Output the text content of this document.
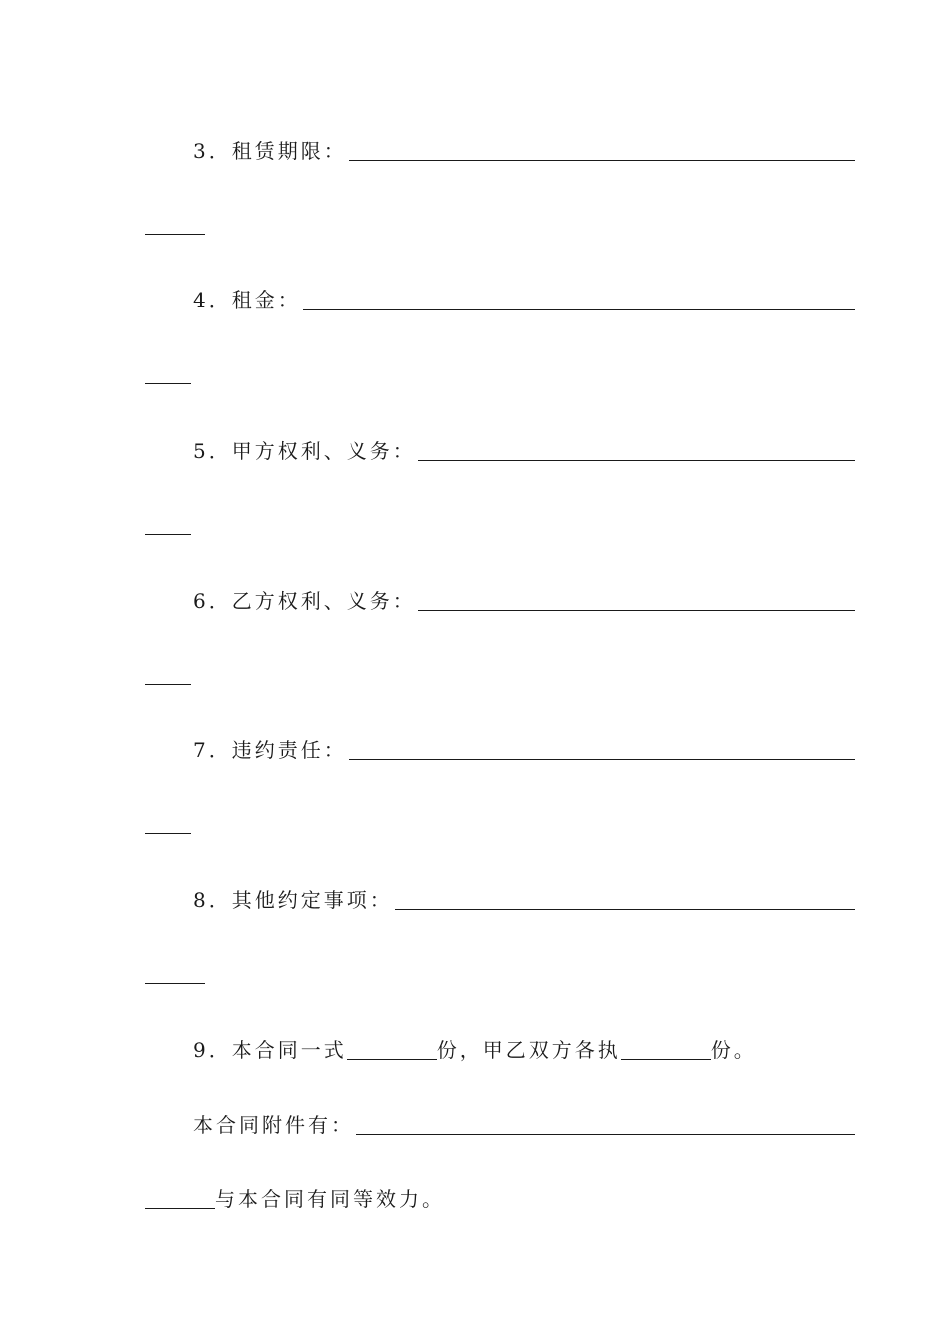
3．租赁期限：
4．租金：
5．甲方权利、义务：
6．乙方权利、义务：
7．违约责任：
8．其他约定事项：
9．本合同一式	份，甲乙双方各执	份。
本合同附件有：
与本合同有同等效力。
